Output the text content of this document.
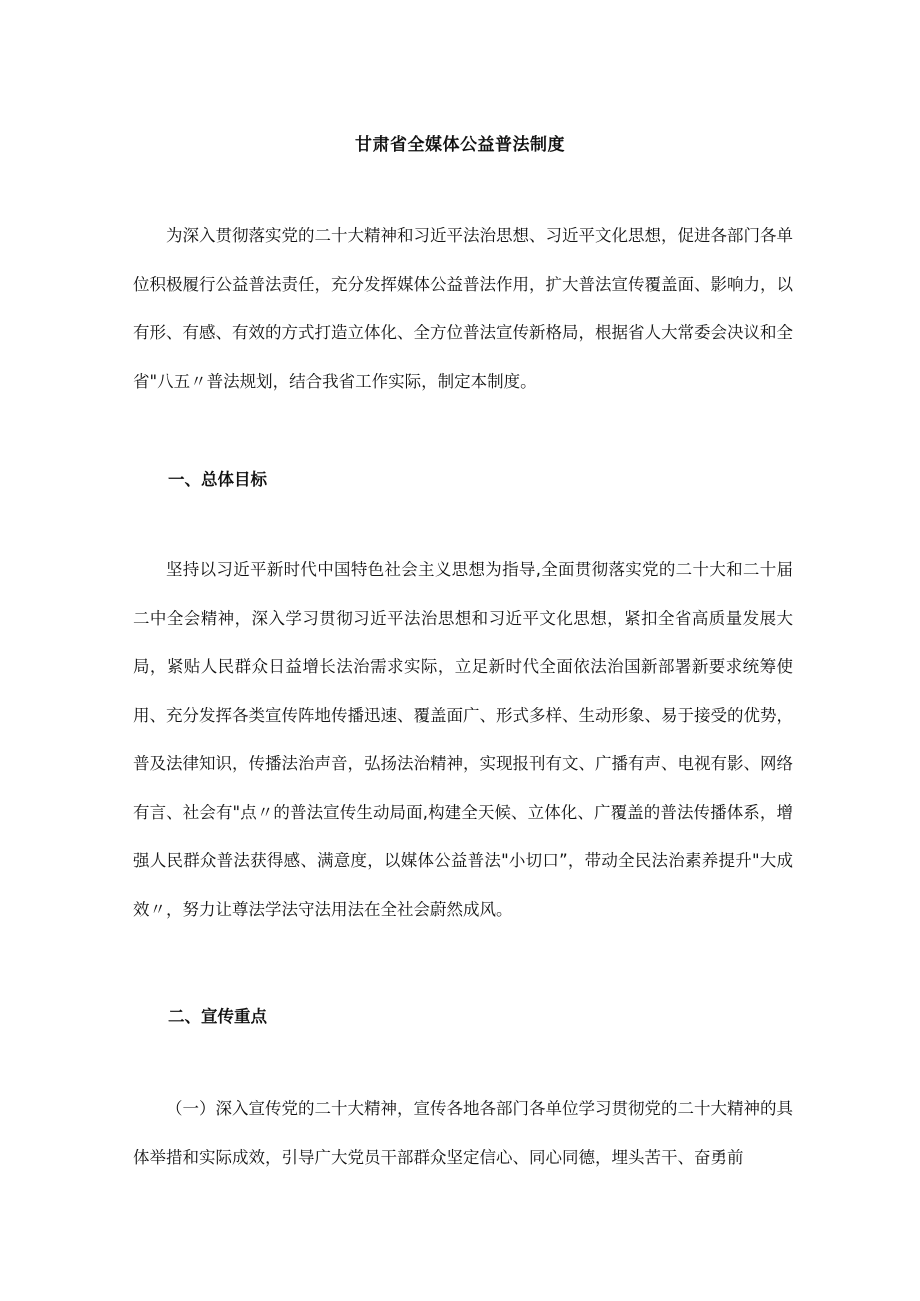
甘肃省全媒体公益普法制度

为深入贯彻落实党的二十大精神和习近平法治思想、习近平文化思想，促进各部门各单位积极履行公益普法责任，充分发挥媒体公益普法作用，扩大普法宣传覆盖面、影响力，以有形、有感、有效的方式打造立体化、全方位普法宣传新格局，根据省人大常委会决议和全省"八五〃普法规划，结合我省工作实际，制定本制度。

一、总体目标

坚持以习近平新时代中国特色社会主义思想为指导,全面贯彻落实党的二十大和二十届二中全会精神，深入学习贯彻习近平法治思想和习近平文化思想，紧扣全省高质量发展大局，紧贴人民群众日益增长法治需求实际，立足新时代全面依法治国新部署新要求统筹使用、充分发挥各类宣传阵地传播迅速、覆盖面广、形式多样、生动形象、易于接受的优势，普及法律知识，传播法治声音，弘扬法治精神，实现报刊有文、广播有声、电视有影、网络有言、社会有"点〃的普法宣传生动局面,构建全天候、立体化、广覆盖的普法传播体系，增强人民群众普法获得感、满意度，以媒体公益普法"小切口”，带动全民法治素养提升"大成效〃，努力让尊法学法守法用法在全社会蔚然成风。

二、宣传重点

（一）深入宣传党的二十大精神，宣传各地各部门各单位学习贯彻党的二十大精神的具体举措和实际成效，引导广大党员干部群众坚定信心、同心同德，埋头苦干、奋勇前
